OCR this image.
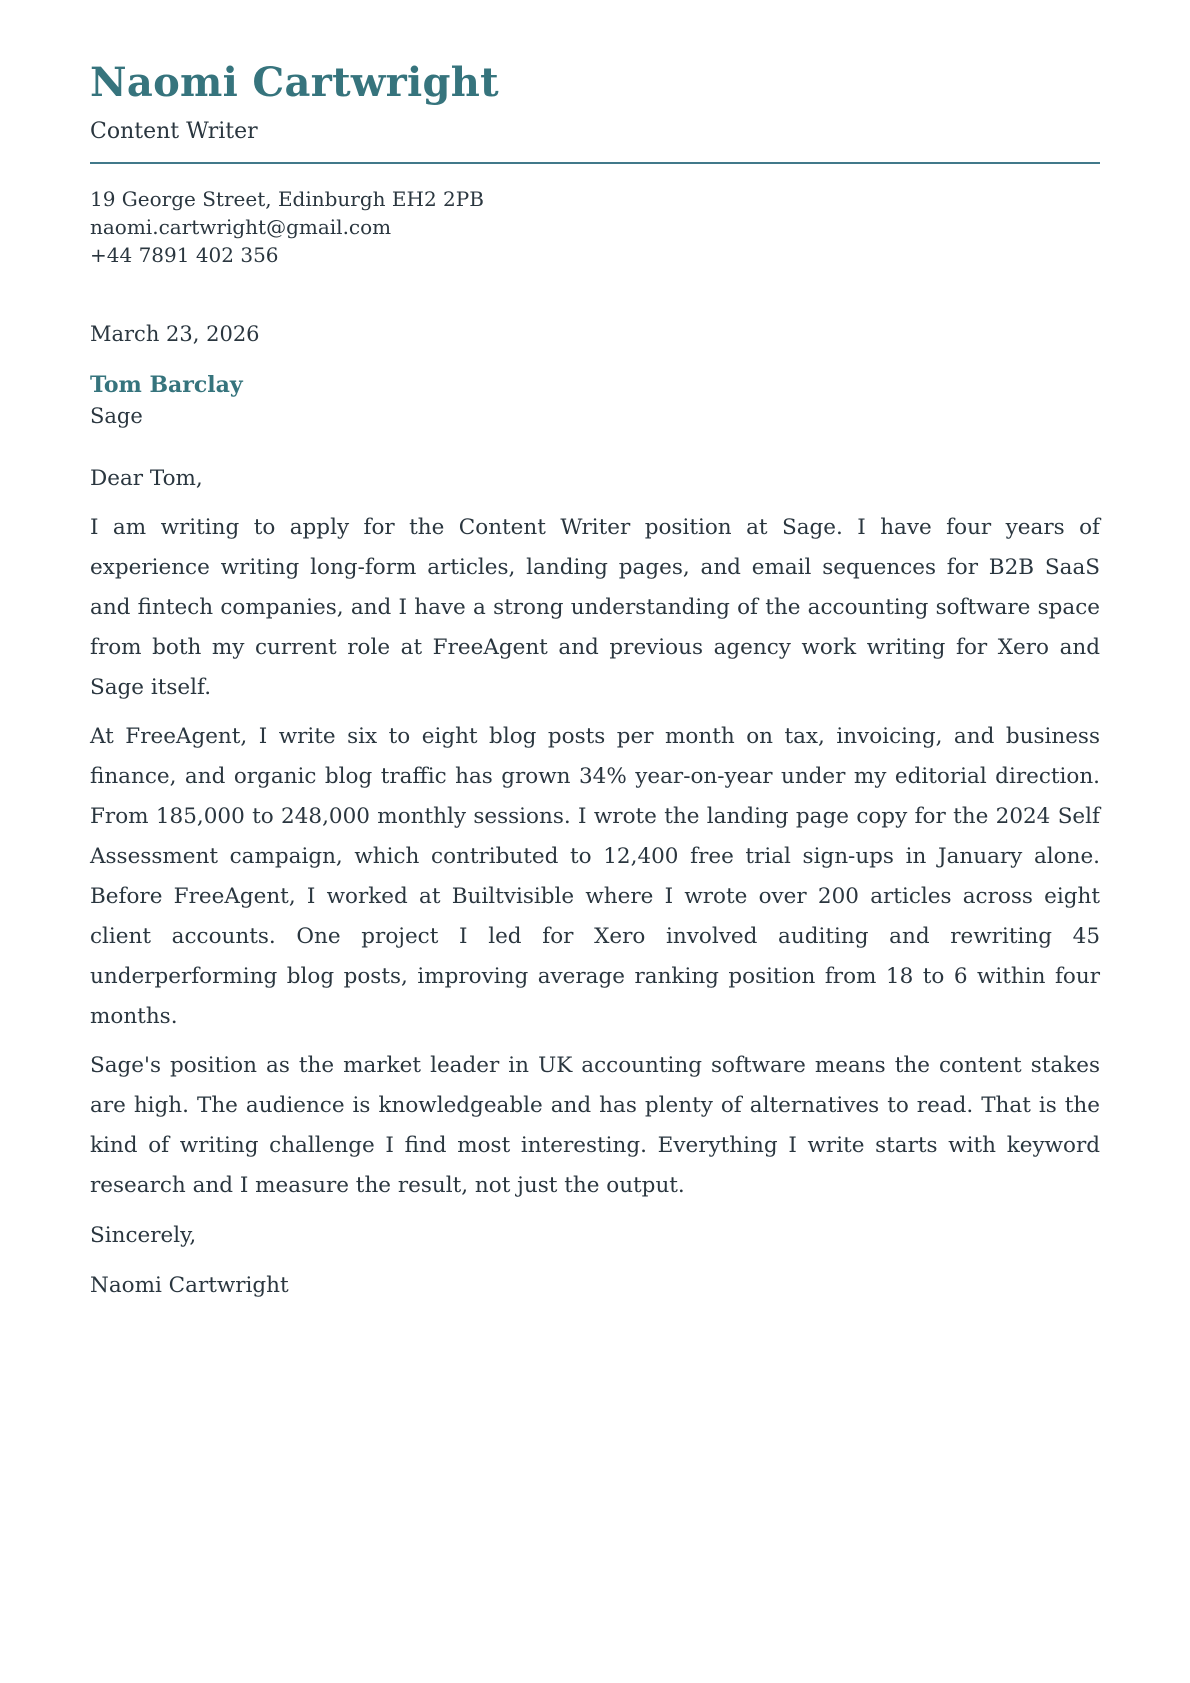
Naomi Cartwright
Content Writer
19 George Street, Edinburgh EH2 2PB
naomi.cartwright@gmail.com
+44 7891 402 356
March 23, 2026
Tom Barclay
Sage

Dear Tom,

I am writing to apply for the Content Writer position at Sage. I have four years of experience writing long-form articles, landing pages, and email sequences for B2B SaaS and fintech companies, and I have a strong understanding of the accounting software space from both my current role at FreeAgent and previous agency work writing for Xero and Sage itself.

At FreeAgent, I write six to eight blog posts per month on tax, invoicing, and business finance, and organic blog traffic has grown 34% year-on-year under my editorial direction. From 185,000 to 248,000 monthly sessions. I wrote the landing page copy for the 2024 Self Assessment campaign, which contributed to 12,400 free trial sign-ups in January alone. Before FreeAgent, I worked at Builtvisible where I wrote over 200 articles across eight client accounts. One project I led for Xero involved auditing and rewriting 45 underperforming blog posts, improving average ranking position from 18 to 6 within four months.

Sage's position as the market leader in UK accounting software means the content stakes are high. The audience is knowledgeable and has plenty of alternatives to read. That is the kind of writing challenge I find most interesting. Everything I write starts with keyword research and I measure the result, not just the output.

Sincerely,

Naomi Cartwright
